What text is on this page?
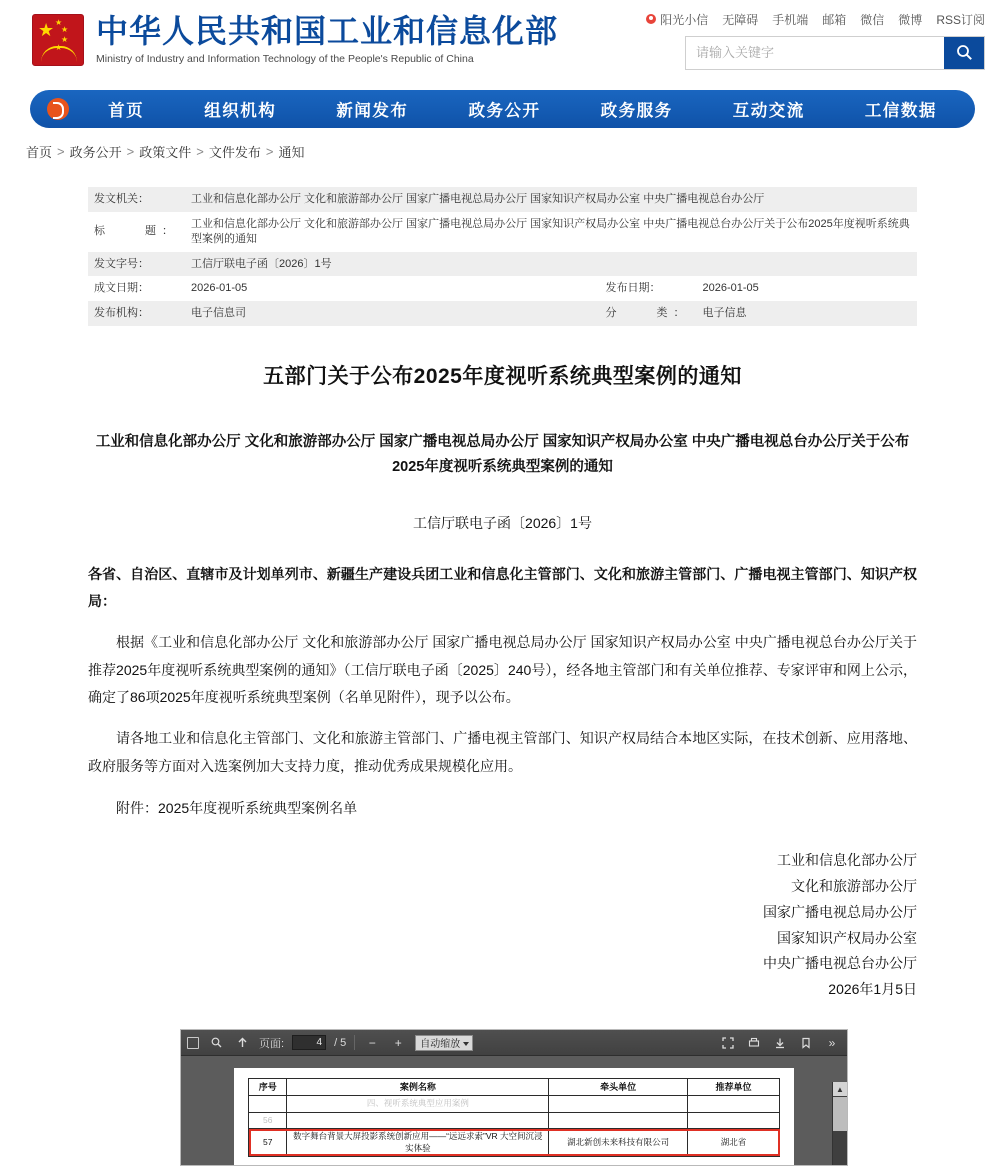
★ ★
★
★
★ 中华人民共和国工业和信息化部
Ministry of Industry and Information Technology of the People's Republic of China
阳光小信 无障碍 手机端 邮箱 微信 微博 RSS订阅
请输入关键字
首页	组织机构	新闻发布	政务公开	政务服务	互动交流	工信数据
首页 > 政务公开 > 政策文件 > 文件发布 > 通知
发文机关：	工业和信息化部办公厅 文化和旅游部办公厅 国家广播电视总局办公厅 国家知识产权局办公室 中央广播电视总台办公厅		
标　　题：	工业和信息化部办公厅 文化和旅游部办公厅 国家广播电视总局办公厅 国家知识产权局办公室 中央广播电视总台办公厅关于公布2025年度视听系统典型案例的通知		
发文字号：	工信厅联电子函〔2026〕1号		
成文日期：	2026-01-05	发布日期：	2026-01-05
发布机构：	电子信息司	分　　类：	电子信息
五部门关于公布2025年度视听系统典型案例的通知
工业和信息化部办公厅 文化和旅游部办公厅 国家广播电视总局办公厅 国家知识产权局办公室 中央广播电视总台办公厅关于公布2025年度视听系统典型案例的通知
工信厅联电子函〔2026〕1号

各省、自治区、直辖市及计划单列市、新疆生产建设兵团工业和信息化主管部门、文化和旅游主管部门、广播电视主管部门、知识产权局：

根据《工业和信息化部办公厅 文化和旅游部办公厅 国家广播电视总局办公厅 国家知识产权局办公室 中央广播电视总台办公厅关于推荐2025年度视听系统典型案例的通知》（工信厅联电子函〔2025〕240号），经各地主管部门和有关单位推荐、专家评审和网上公示，确定了86项2025年度视听系统典型案例（名单见附件），现予以公布。

请各地工业和信息化主管部门、文化和旅游主管部门、广播电视主管部门、知识产权局结合本地区实际，在技术创新、应用落地、政府服务等方面对入选案例加大支持力度，推动优秀成果规模化应用。

附件：2025年度视听系统典型案例名单
工业和信息化部办公厅
文化和旅游部办公厅
国家广播电视总局办公厅
国家知识产权局办公室
中央广播电视总台办公厅
2026年1月5日
页面:
4	/ 5	−	+	自动缩放	»
序号	案例名称	牵头单位	推荐单位
	四、视听系统典型应用案例		
56			
57	数字舞台背景大屏投影系统创新应用——“远远求索”VR 大空间沉浸实体验	湖北新创未来科技有限公司	湖北省
▲
